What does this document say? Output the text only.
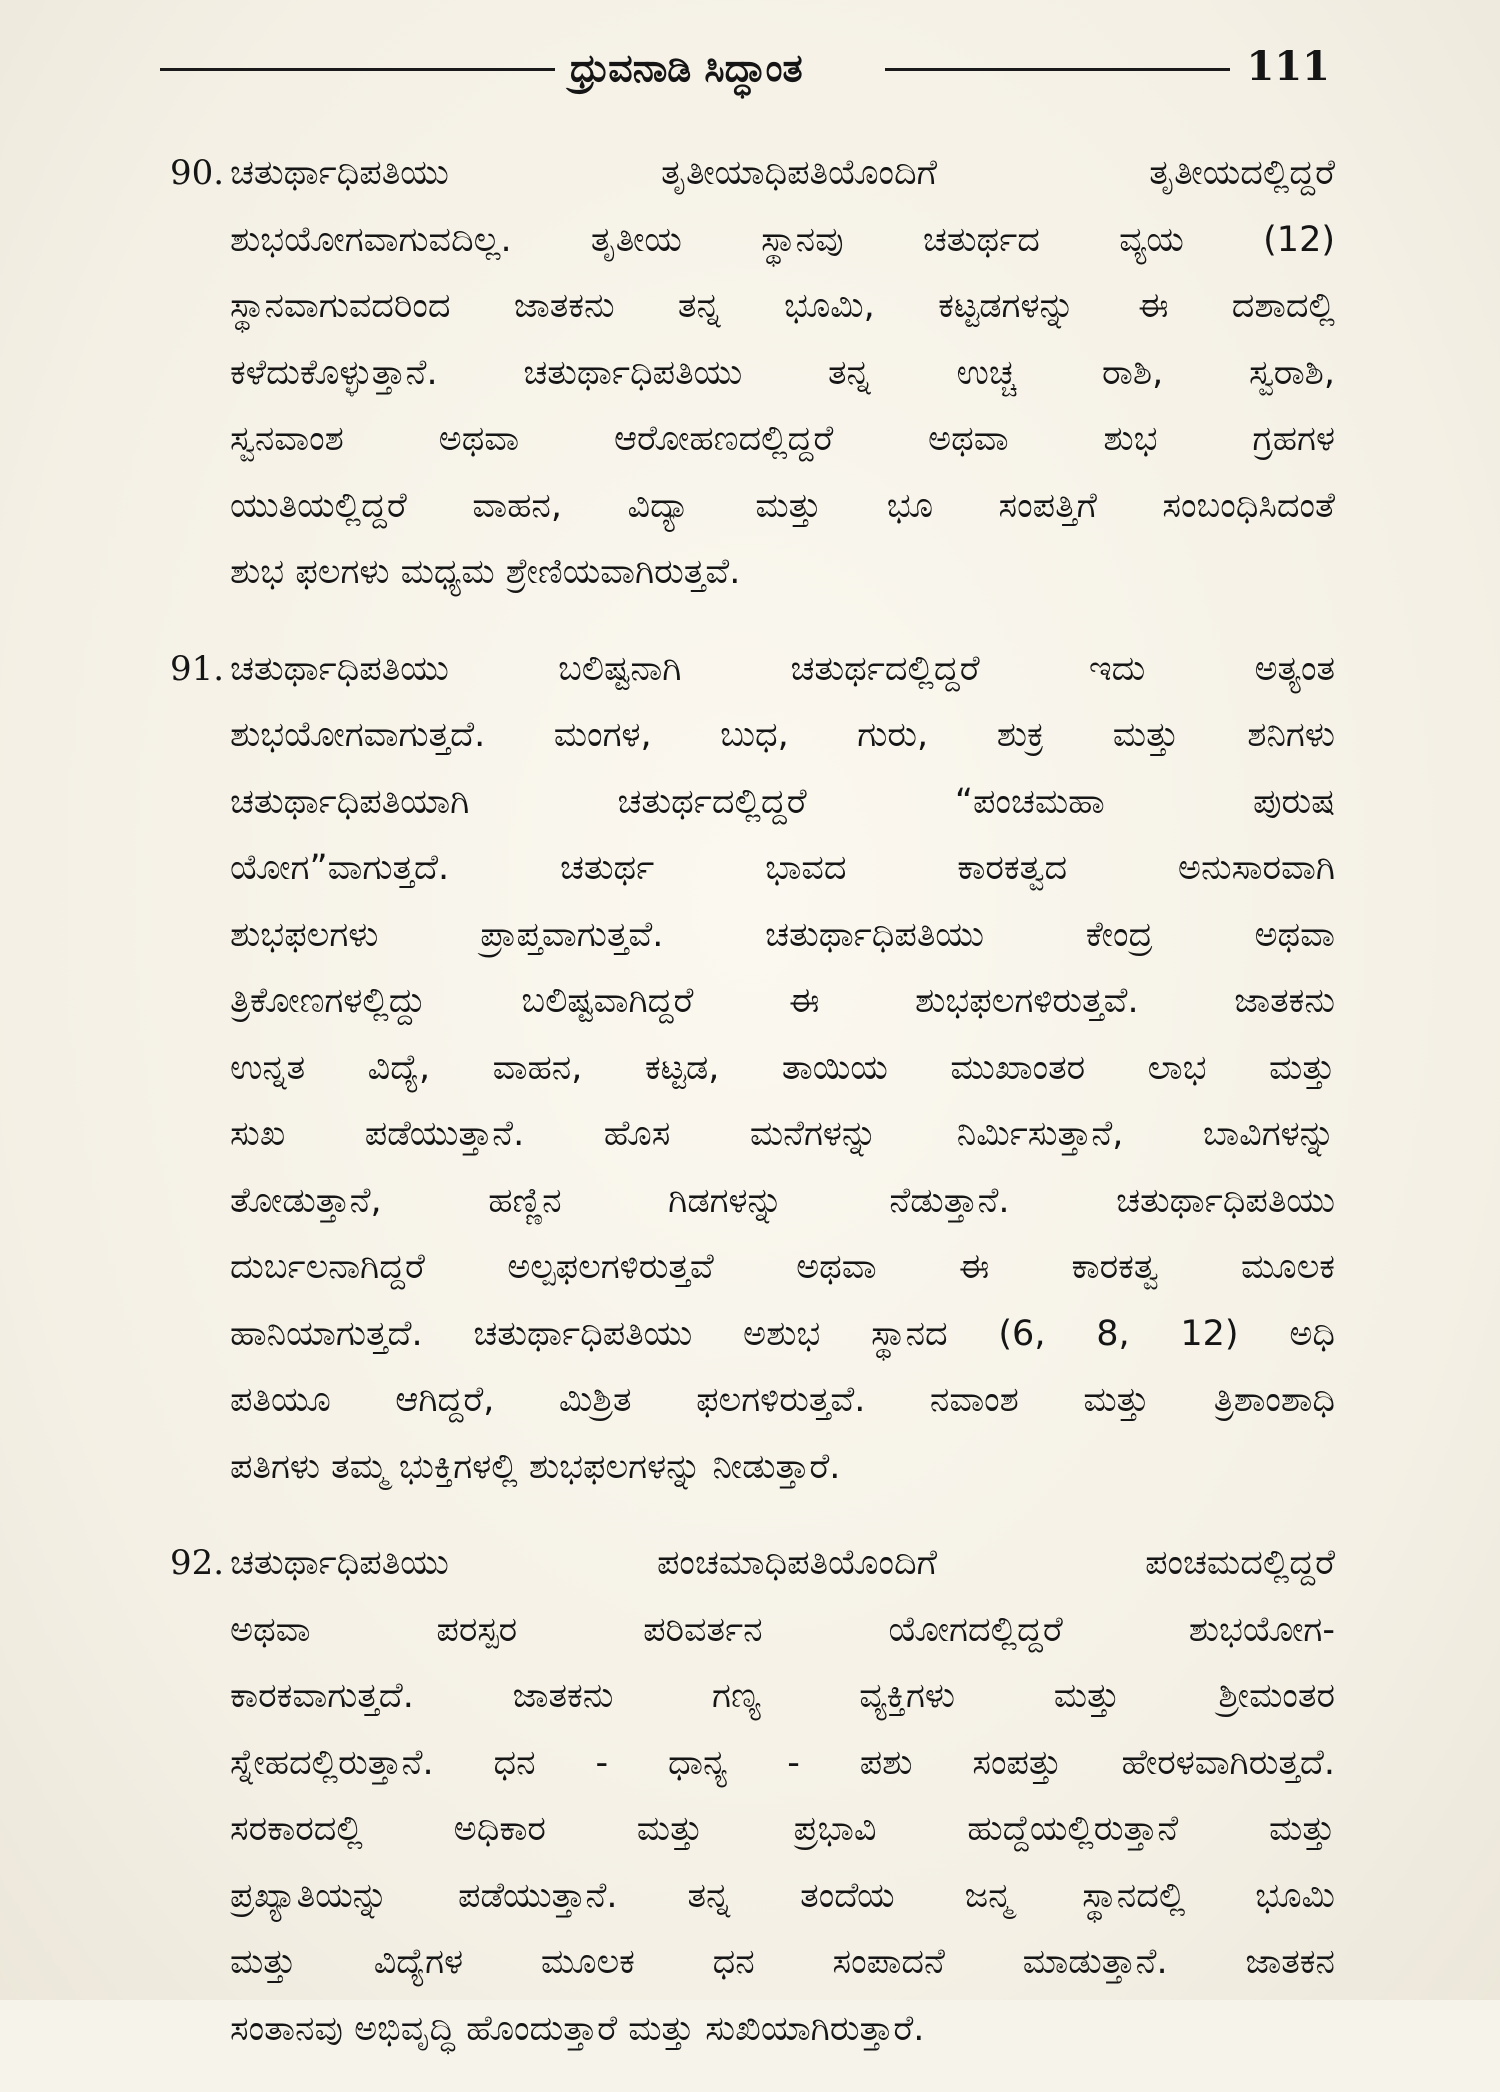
ಧ್ರುವನಾಡಿ ಸಿದ್ಧಾಂತ	111
90. ಚತುರ್ಥಾಧಿಪತಿಯು ತೃತೀಯಾಧಿಪತಿಯೊಂದಿಗೆ ತೃತೀಯದಲ್ಲಿದ್ದರೆ
ಶುಭಯೋಗವಾಗುವದಿಲ್ಲ. ತೃತೀಯ ಸ್ಥಾನವು ಚತುರ್ಥದ ವ್ಯಯ (12)
ಸ್ಥಾನವಾಗುವದರಿಂದ ಜಾತಕನು ತನ್ನ ಭೂಮಿ, ಕಟ್ಟಡಗಳನ್ನು ಈ ದಶಾದಲ್ಲಿ
ಕಳೆದುಕೊಳ್ಳುತ್ತಾನೆ. ಚತುರ್ಥಾಧಿಪತಿಯು ತನ್ನ ಉಚ್ಚ ರಾಶಿ, ಸ್ವರಾಶಿ,
ಸ್ವನವಾಂಶ ಅಥವಾ ಆರೋಹಣದಲ್ಲಿದ್ದರೆ ಅಥವಾ ಶುಭ ಗ್ರಹಗಳ
ಯುತಿಯಲ್ಲಿದ್ದರೆ ವಾಹನ, ವಿದ್ಯಾ ಮತ್ತು ಭೂ ಸಂಪತ್ತಿಗೆ ಸಂಬಂಧಿಸಿದಂತೆ
ಶುಭ ಫಲಗಳು ಮಧ್ಯಮ ಶ್ರೇಣಿಯವಾಗಿರುತ್ತವೆ.
91. ಚತುರ್ಥಾಧಿಪತಿಯು ಬಲಿಷ್ಟನಾಗಿ ಚತುರ್ಥದಲ್ಲಿದ್ದರೆ ಇದು ಅತ್ಯಂತ
ಶುಭಯೋಗವಾಗುತ್ತದೆ. ಮಂಗಳ, ಬುಧ, ಗುರು, ಶುಕ್ರ ಮತ್ತು ಶನಿಗಳು
ಚತುರ್ಥಾಧಿಪತಿಯಾಗಿ ಚತುರ್ಥದಲ್ಲಿದ್ದರೆ “ಪಂಚಮಹಾ ಪುರುಷ
ಯೋಗ”ವಾಗುತ್ತದೆ. ಚತುರ್ಥ ಭಾವದ ಕಾರಕತ್ವದ ಅನುಸಾರವಾಗಿ
ಶುಭಫಲಗಳು ಪ್ರಾಪ್ತವಾಗುತ್ತವೆ. ಚತುರ್ಥಾಧಿಪತಿಯು ಕೇಂದ್ರ ಅಥವಾ
ತ್ರಿಕೋಣಗಳಲ್ಲಿದ್ದು ಬಲಿಷ್ಟವಾಗಿದ್ದರೆ ಈ ಶುಭಫಲಗಳಿರುತ್ತವೆ. ಜಾತಕನು
ಉನ್ನತ ವಿದ್ಯೆ, ವಾಹನ, ಕಟ್ಟಡ, ತಾಯಿಯ ಮುಖಾಂತರ ಲಾಭ ಮತ್ತು
ಸುಖ ಪಡೆಯುತ್ತಾನೆ. ಹೊಸ ಮನೆಗಳನ್ನು ನಿರ್ಮಿಸುತ್ತಾನೆ, ಬಾವಿಗಳನ್ನು
ತೋಡುತ್ತಾನೆ, ಹಣ್ಣಿನ ಗಿಡಗಳನ್ನು ನೆಡುತ್ತಾನೆ. ಚತುರ್ಥಾಧಿಪತಿಯು
ದುರ್ಬಲನಾಗಿದ್ದರೆ ಅಲ್ಪಫಲಗಳಿರುತ್ತವೆ ಅಥವಾ ಈ ಕಾರಕತ್ವ ಮೂಲಕ
ಹಾನಿಯಾಗುತ್ತದೆ. ಚತುರ್ಥಾಧಿಪತಿಯು ಅಶುಭ ಸ್ಥಾನದ (6, 8, 12) ಅಧಿ
ಪತಿಯೂ ಆಗಿದ್ದರೆ, ಮಿಶ್ರಿತ ಫಲಗಳಿರುತ್ತವೆ. ನವಾಂಶ ಮತ್ತು ತ್ರಿಶಾಂಶಾಧಿ
ಪತಿಗಳು ತಮ್ಮ ಭುಕ್ತಿಗಳಲ್ಲಿ ಶುಭಫಲಗಳನ್ನು ನೀಡುತ್ತಾರೆ.
92. ಚತುರ್ಥಾಧಿಪತಿಯು ಪಂಚಮಾಧಿಪತಿಯೊಂದಿಗೆ ಪಂಚಮದಲ್ಲಿದ್ದರೆ
ಅಥವಾ ಪರಸ್ಪರ ಪರಿವರ್ತನ ಯೋಗದಲ್ಲಿದ್ದರೆ ಶುಭಯೋಗ-
ಕಾರಕವಾಗುತ್ತದೆ. ಜಾತಕನು ಗಣ್ಯ ವ್ಯಕ್ತಿಗಳು ಮತ್ತು ಶ್ರೀಮಂತರ
ಸ್ನೇಹದಲ್ಲಿರುತ್ತಾನೆ. ಧನ - ಧಾನ್ಯ - ಪಶು ಸಂಪತ್ತು ಹೇರಳವಾಗಿರುತ್ತದೆ.
ಸರಕಾರದಲ್ಲಿ ಅಧಿಕಾರ ಮತ್ತು ಪ್ರಭಾವಿ ಹುದ್ದೆಯಲ್ಲಿರುತ್ತಾನೆ ಮತ್ತು
ಪ್ರಖ್ಯಾತಿಯನ್ನು ಪಡೆಯುತ್ತಾನೆ. ತನ್ನ ತಂದೆಯ ಜನ್ಮ ಸ್ಥಾನದಲ್ಲಿ ಭೂಮಿ
ಮತ್ತು ವಿದ್ಯೆಗಳ ಮೂಲಕ ಧನ ಸಂಪಾದನೆ ಮಾಡುತ್ತಾನೆ. ಜಾತಕನ
ಸಂತಾನವು ಅಭಿವೃದ್ಧಿ ಹೊಂದುತ್ತಾರೆ ಮತ್ತು ಸುಖಿಯಾಗಿರುತ್ತಾರೆ.
